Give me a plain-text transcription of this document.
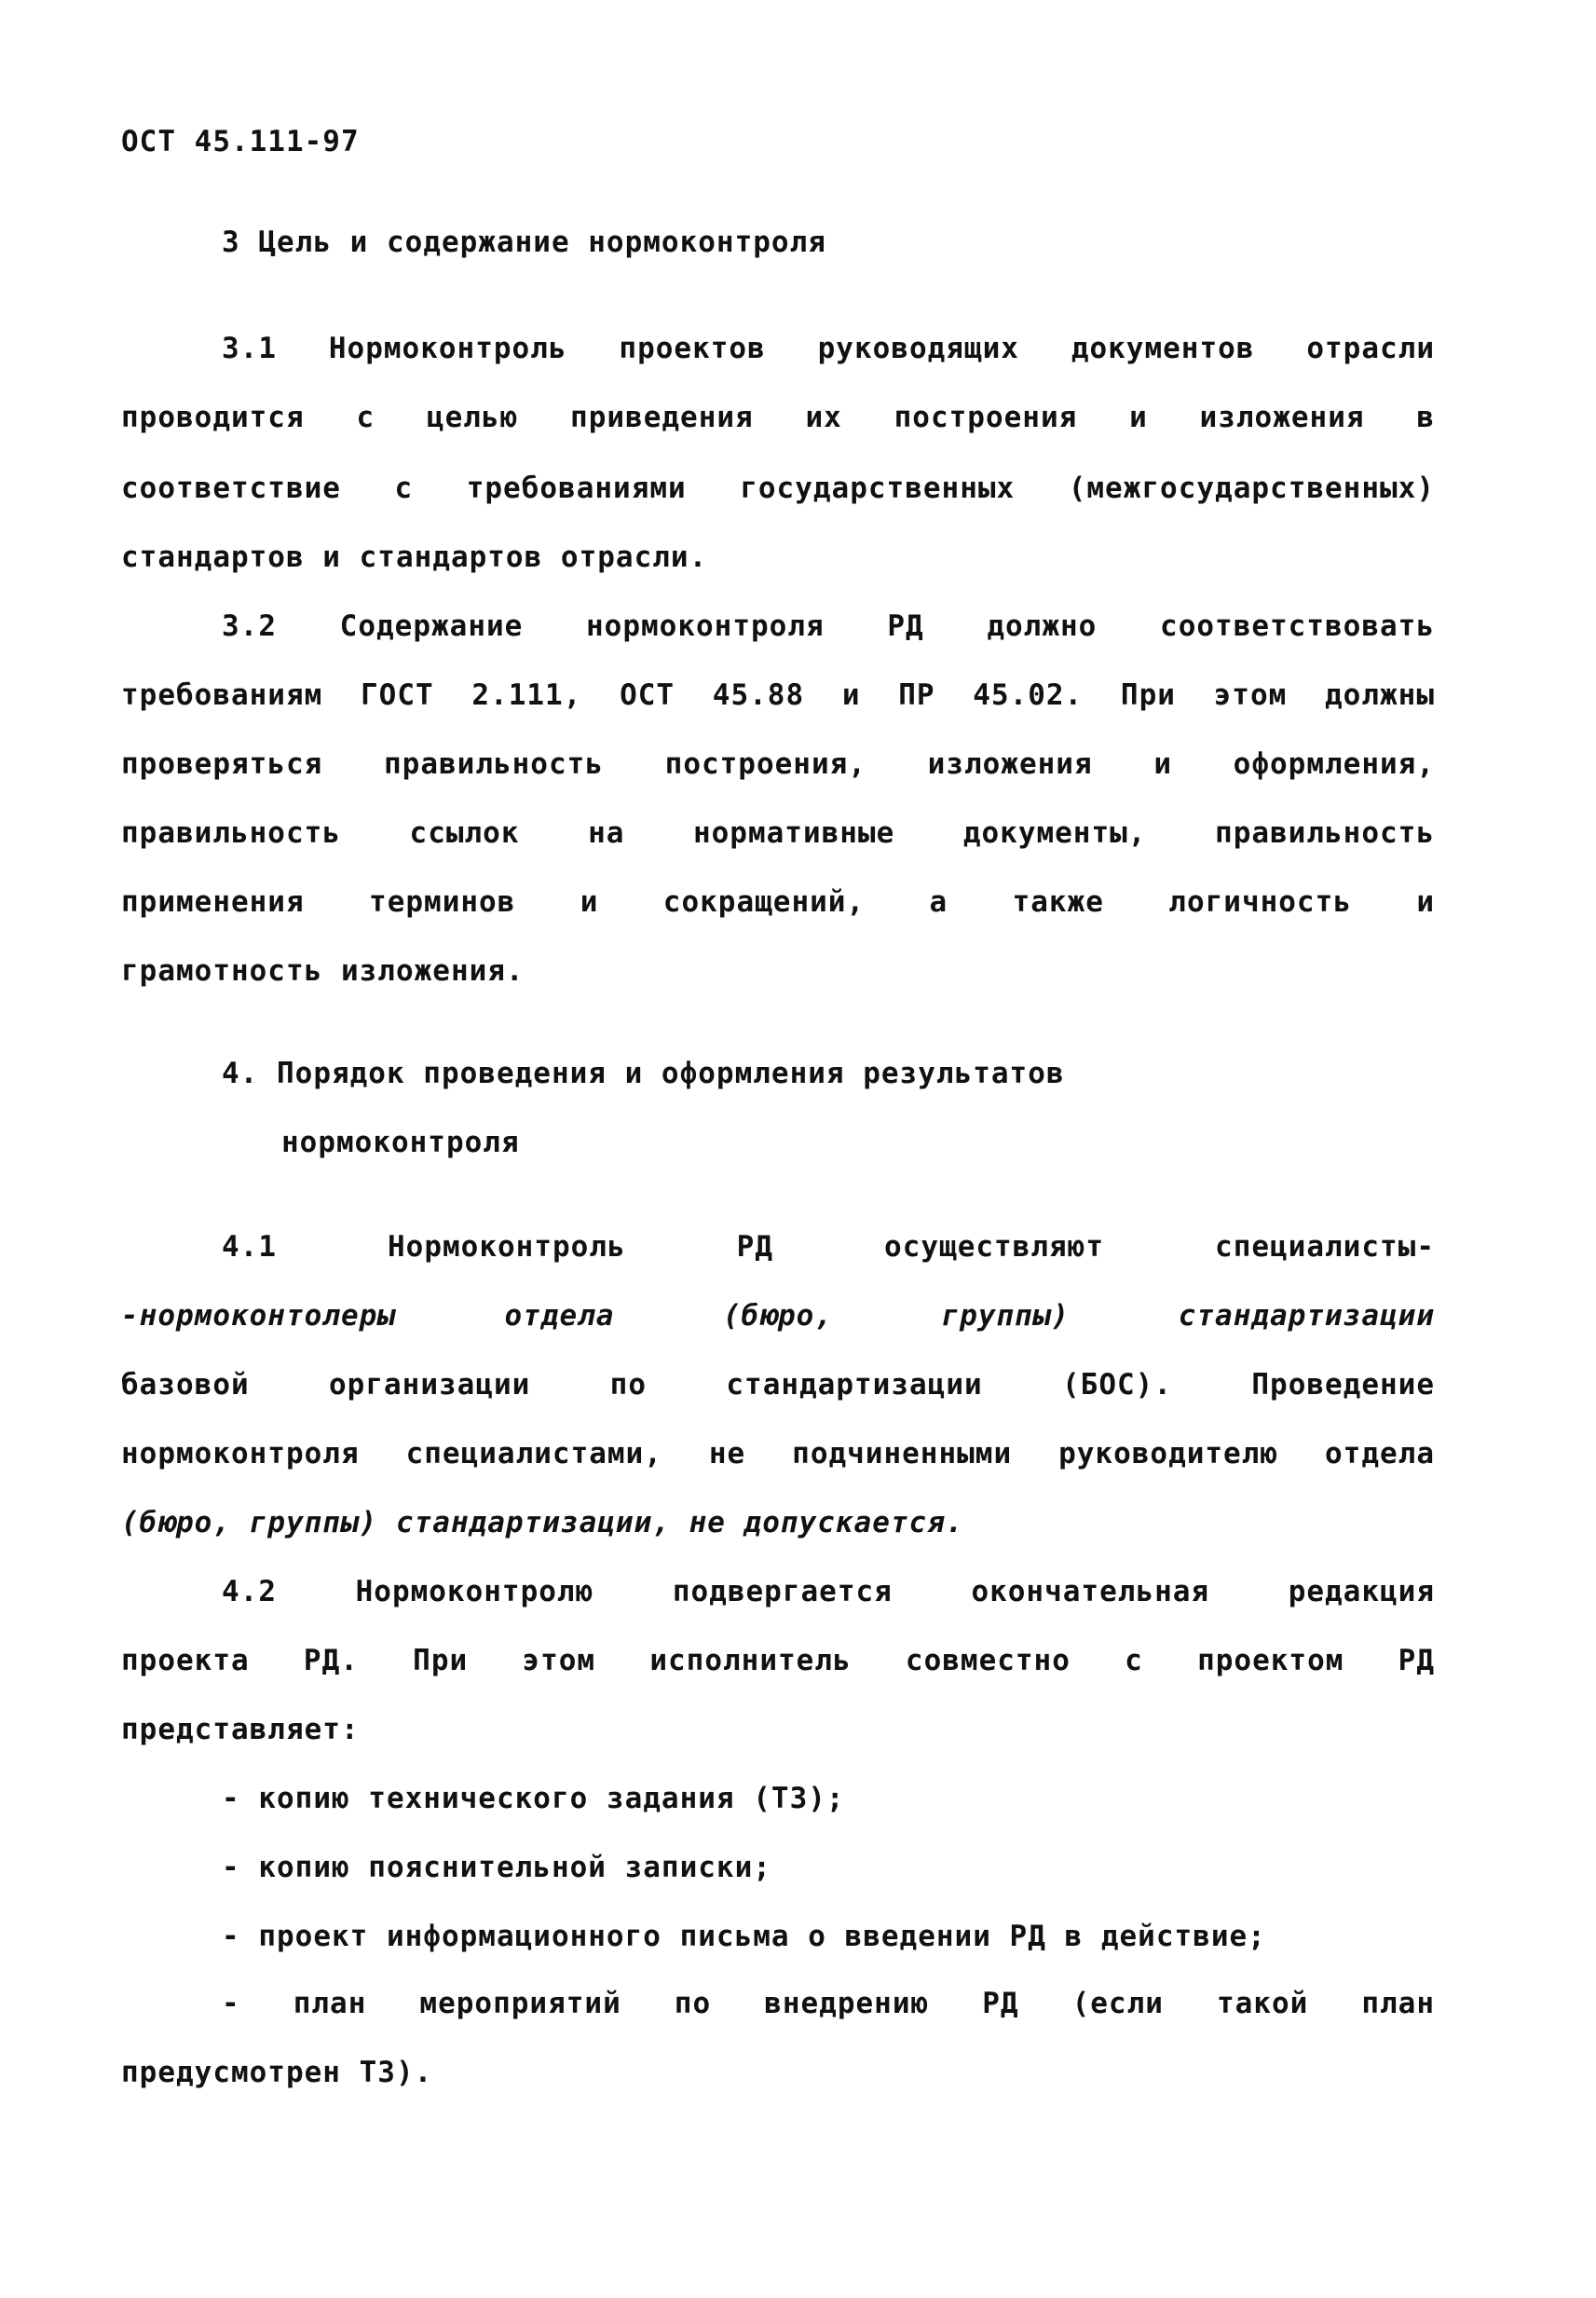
ОСТ 45.111-97
3 Цель и содержание нормоконтроля
3.1 Нормоконтроль проектов руководящих документов отрасли
проводится с целью приведения их построения и изложения в
соответствие с требованиями государственных (межгосударственных)
стандартов и стандартов отрасли.
3.2 Содержание нормоконтроля РД должно соответствовать
требованиям ГОСТ 2.111, ОСТ 45.88 и ПР 45.02. При этом должны
проверяться правильность построения, изложения и оформления,
правильность ссылок на нормативные документы, правильность
применения терминов и сокращений, а также логичность и
грамотность изложения.
4. Порядок проведения и оформления результатов
нормоконтроля
4.1 Нормоконтроль РД осуществляют специалисты-
-нормоконтолеры отдела (бюро, группы) стандартизации
базовой организации по стандартизации (БОС). Проведение
нормоконтроля специалистами, не подчиненными руководителю отдела
(бюро, группы) стандартизации, не допускается.
4.2 Нормоконтролю подвергается окончательная редакция
проекта РД. При этом исполнитель совместно с проектом РД
представляет:
- копию технического задания (ТЗ);
- копию пояснительной записки;
- проект информационного письма о введении РД в действие;
- план мероприятий по внедрению РД (если такой план
предусмотрен ТЗ).
